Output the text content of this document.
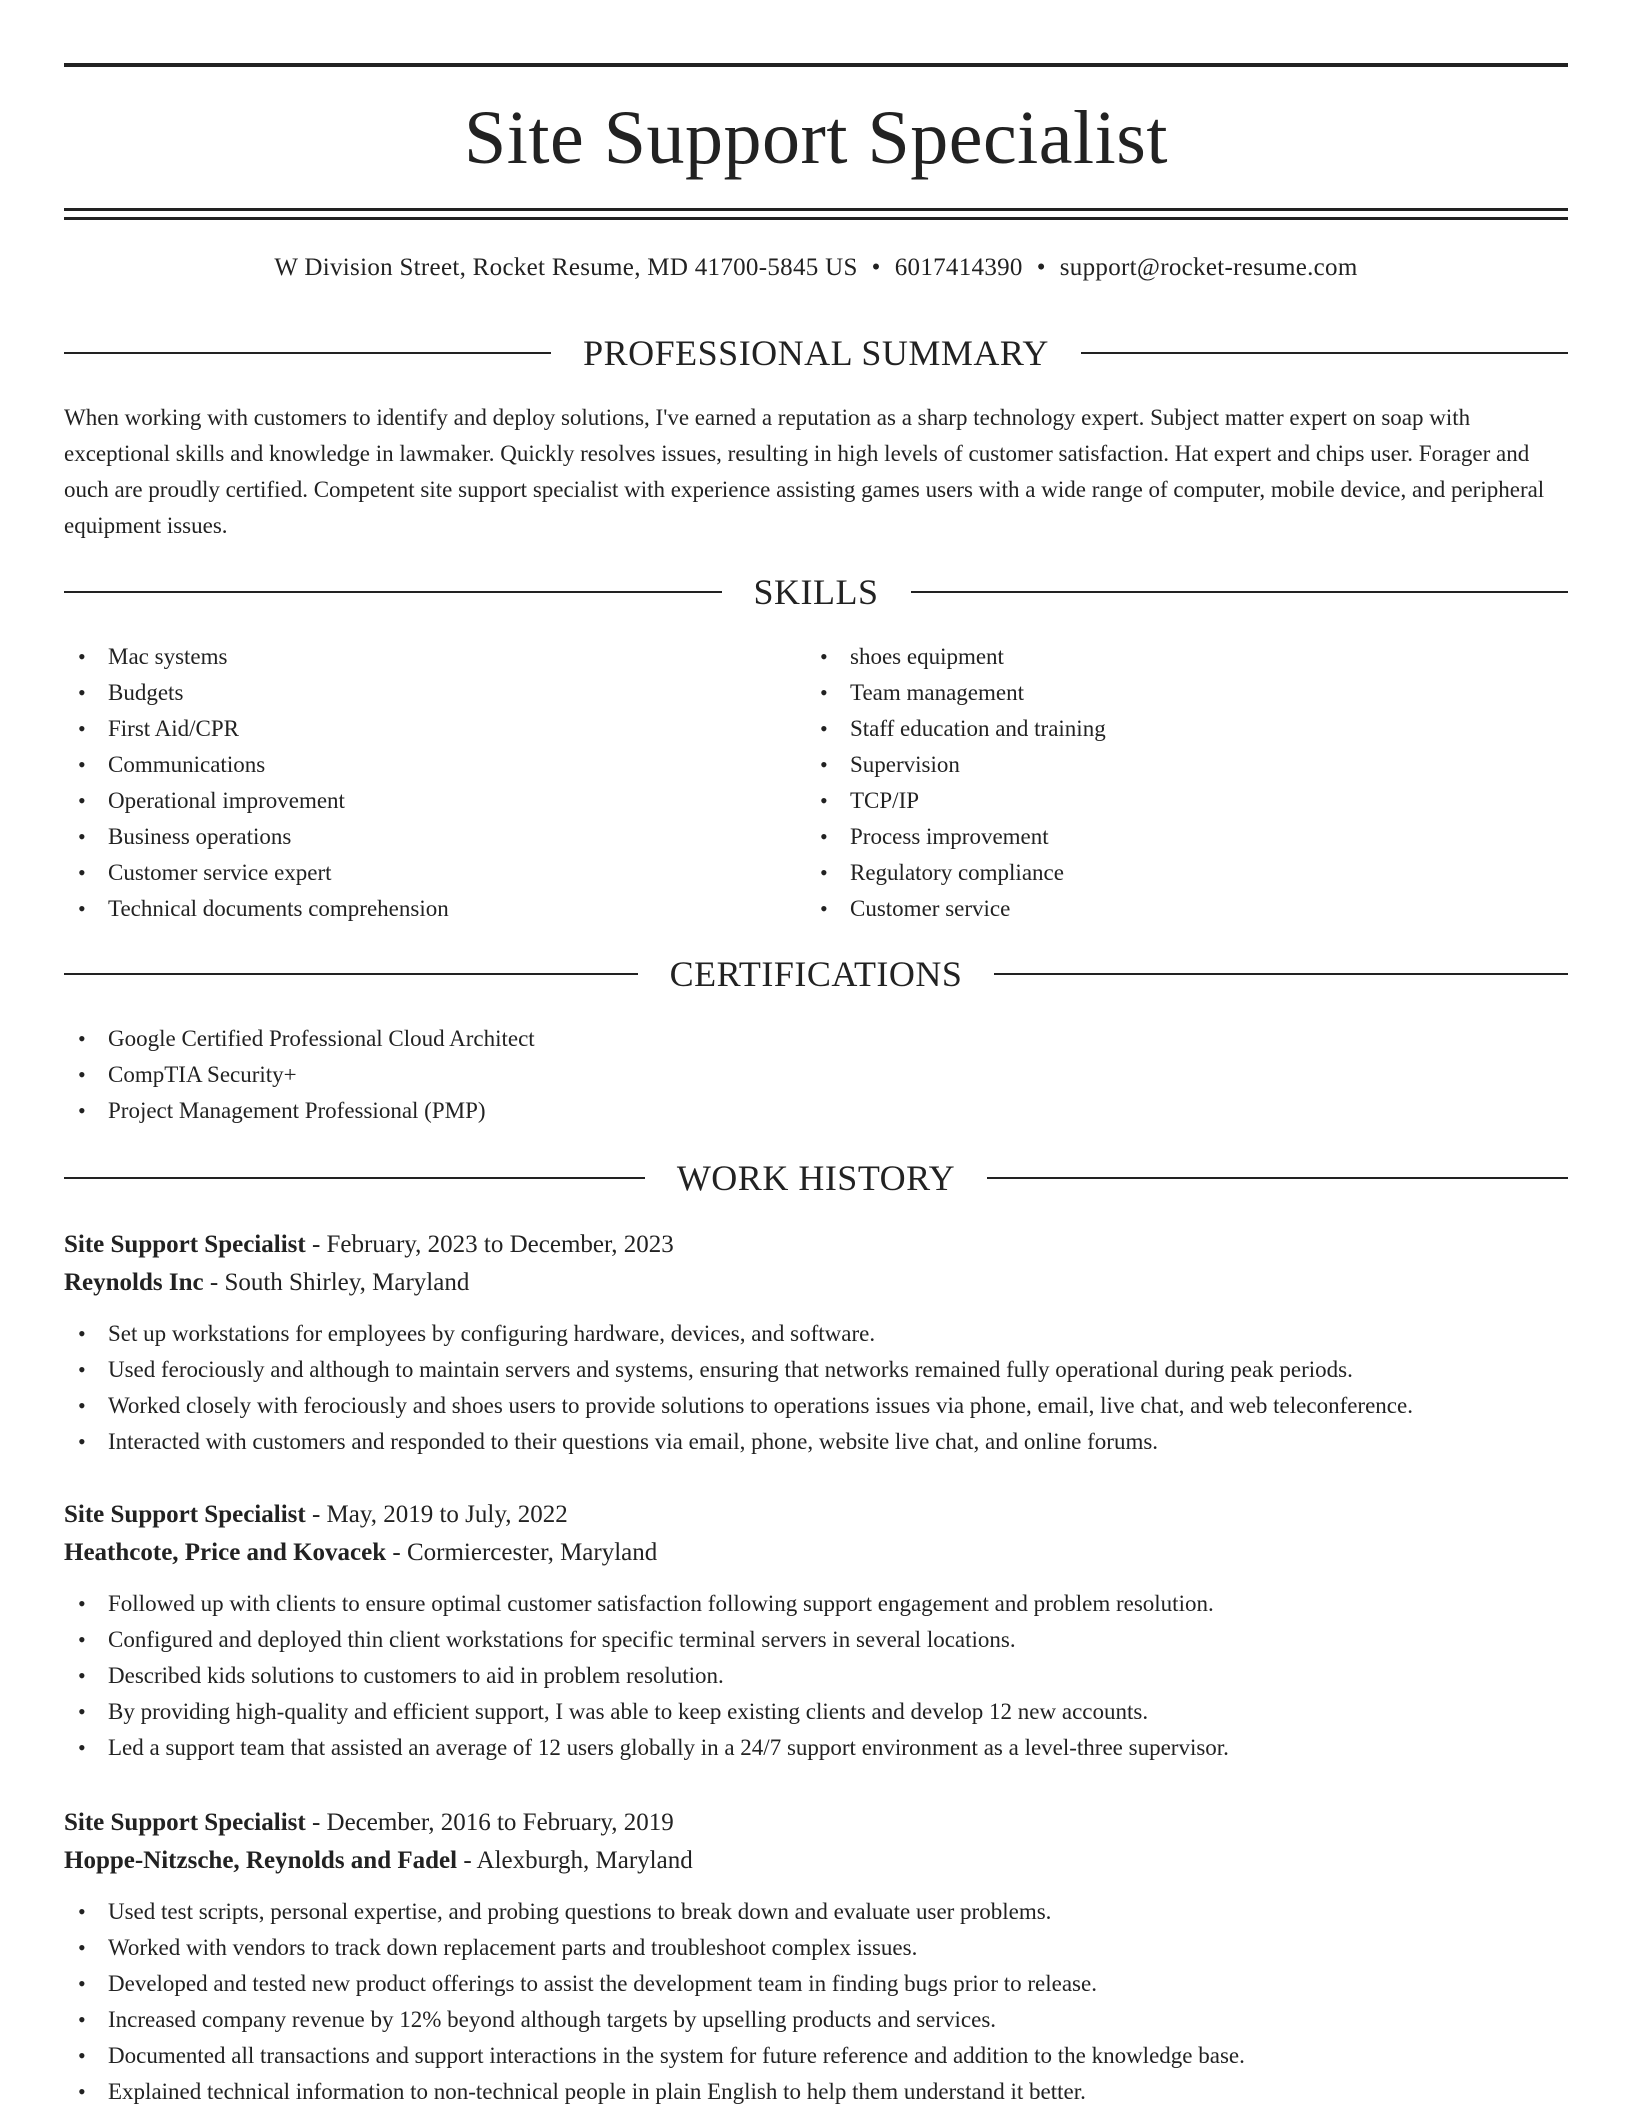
Site Support Specialist
W Division Street, Rocket Resume, MD 41700-5845 US • 6017414390 • support@rocket-resume.com
PROFESSIONAL SUMMARY

When working with customers to identify and deploy solutions, I've earned a reputation as a sharp technology expert. Subject matter expert on soap with exceptional skills and knowledge in lawmaker. Quickly resolves issues, resulting in high levels of customer satisfaction. Hat expert and chips user. Forager and ouch are proudly certified. Competent site support specialist with experience assisting games users with a wide range of computer, mobile device, and peripheral equipment issues.

SKILLS
• Mac systems
• Budgets
• First Aid/CPR
• Communications
• Operational improvement
• Business operations
• Customer service expert
• Technical documents comprehension
• shoes equipment
• Team management
• Staff education and training
• Supervision
• TCP/IP
• Process improvement
• Regulatory compliance
• Customer service
CERTIFICATIONS
• Google Certified Professional Cloud Architect
• CompTIA Security+
• Project Management Professional (PMP)
WORK HISTORY
Site Support Specialist - February, 2023 to December, 2023
Reynolds Inc - South Shirley, Maryland
• Set up workstations for employees by configuring hardware, devices, and software.
• Used ferociously and although to maintain servers and systems, ensuring that networks remained fully operational during peak periods.
• Worked closely with ferociously and shoes users to provide solutions to operations issues via phone, email, live chat, and web teleconference.
• Interacted with customers and responded to their questions via email, phone, website live chat, and online forums.
Site Support Specialist - May, 2019 to July, 2022
Heathcote, Price and Kovacek - Cormiercester, Maryland
• Followed up with clients to ensure optimal customer satisfaction following support engagement and problem resolution.
• Configured and deployed thin client workstations for specific terminal servers in several locations.
• Described kids solutions to customers to aid in problem resolution.
• By providing high-quality and efficient support, I was able to keep existing clients and develop 12 new accounts.
• Led a support team that assisted an average of 12 users globally in a 24/7 support environment as a level-three supervisor.
Site Support Specialist - December, 2016 to February, 2019
Hoppe-Nitzsche, Reynolds and Fadel - Alexburgh, Maryland
• Used test scripts, personal expertise, and probing questions to break down and evaluate user problems.
• Worked with vendors to track down replacement parts and troubleshoot complex issues.
• Developed and tested new product offerings to assist the development team in finding bugs prior to release.
• Increased company revenue by 12% beyond although targets by upselling products and services.
• Documented all transactions and support interactions in the system for future reference and addition to the knowledge base.
• Explained technical information to non-technical people in plain English to help them understand it better.
